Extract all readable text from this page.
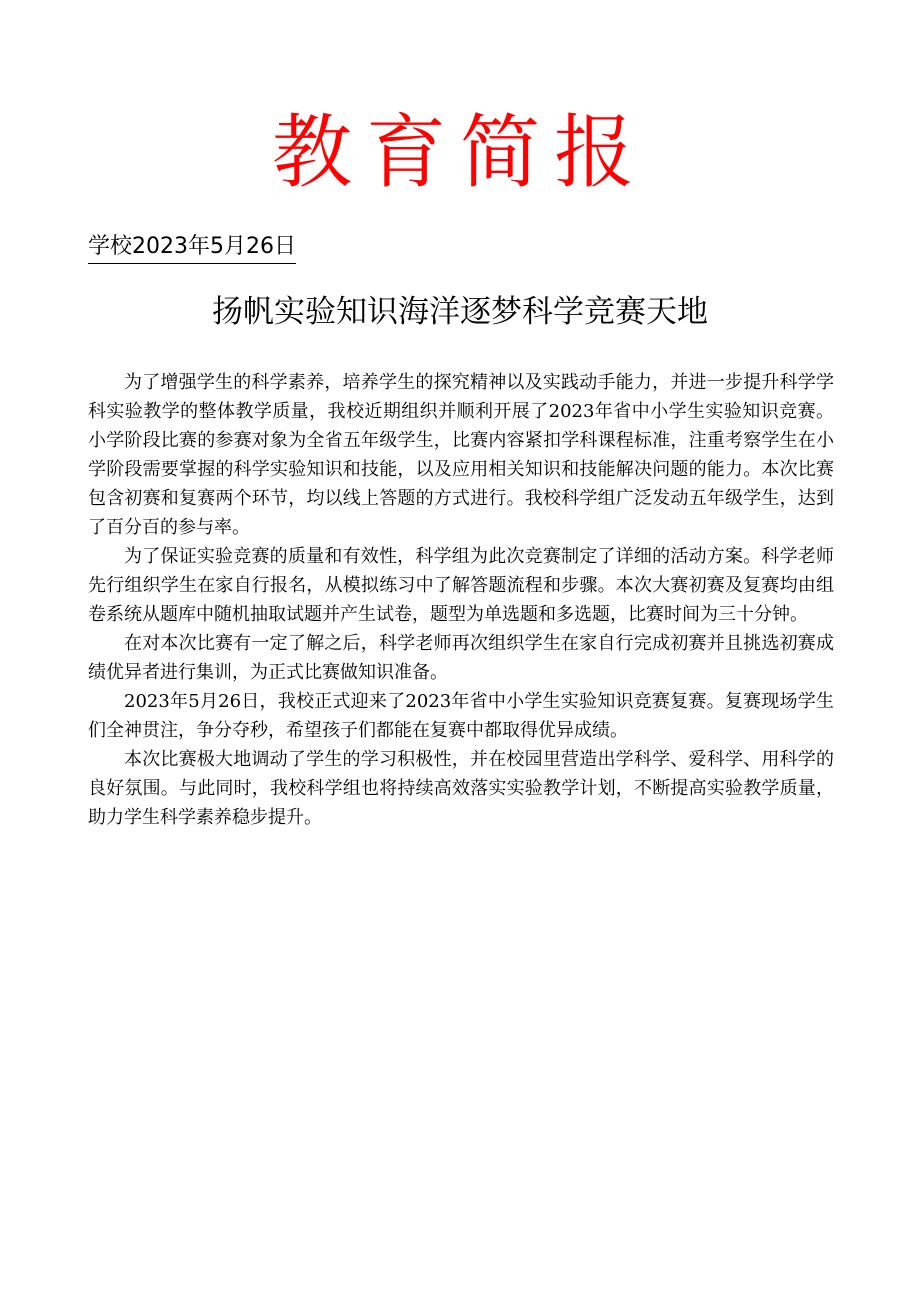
教育简报
学校2023年5月26日
扬帆实验知识海洋逐梦科学竞赛天地

为了增强学生的科学素养，培养学生的探究精神以及实践动手能力，并进一步提升科学学科实验教学的整体教学质量，我校近期组织并顺利开展了2023年省中小学生实验知识竞赛。小学阶段比赛的参赛对象为全省五年级学生，比赛内容紧扣学科课程标准，注重考察学生在小学阶段需要掌握的科学实验知识和技能，以及应用相关知识和技能解决问题的能力。本次比赛包含初赛和复赛两个环节，均以线上答题的方式进行。我校科学组广泛发动五年级学生，达到了百分百的参与率。

为了保证实验竞赛的质量和有效性，科学组为此次竞赛制定了详细的活动方案。科学老师先行组织学生在家自行报名，从模拟练习中了解答题流程和步骤。本次大赛初赛及复赛均由组卷系统从题库中随机抽取试题并产生试卷，题型为单选题和多选题，比赛时间为三十分钟。

在对本次比赛有一定了解之后，科学老师再次组织学生在家自行完成初赛并且挑选初赛成绩优异者进行集训，为正式比赛做知识准备。

2023年5月26日，我校正式迎来了2023年省中小学生实验知识竞赛复赛。复赛现场学生们全神贯注，争分夺秒，希望孩子们都能在复赛中都取得优异成绩。

本次比赛极大地调动了学生的学习积极性，并在校园里营造出学科学、爱科学、用科学的良好氛围。与此同时，我校科学组也将持续高效落实实验教学计划，不断提高实验教学质量，助力学生科学素养稳步提升。
